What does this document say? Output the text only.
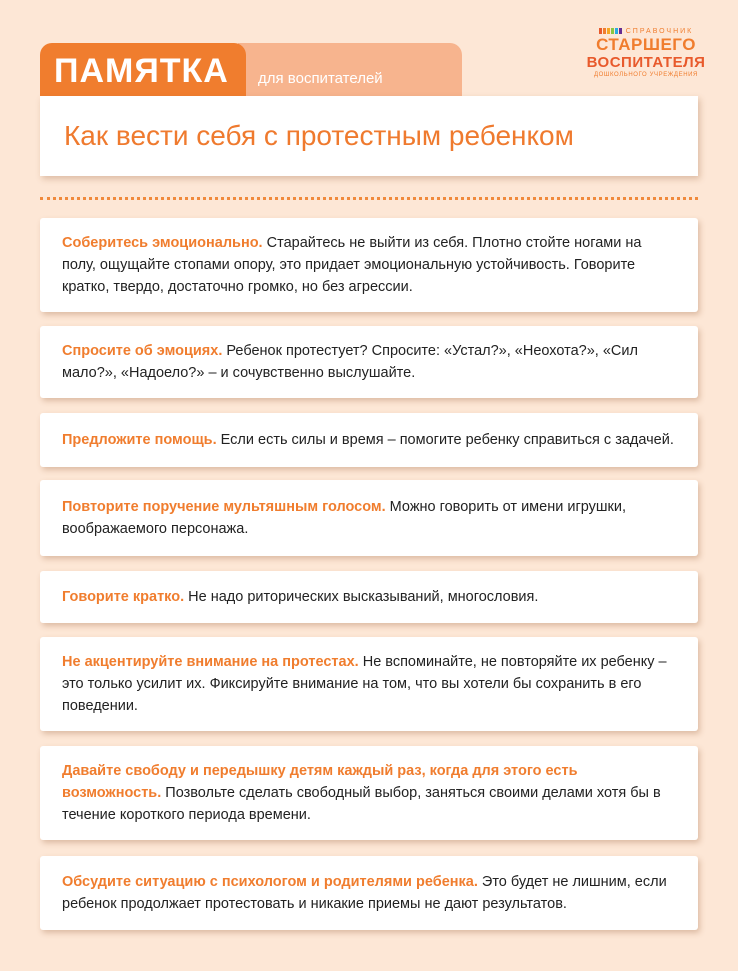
для воспитателей
ПАМЯТКА
Как вести себя с протестным ребенком
СПРАВОЧНИК
СТАРШЕГО
ВОСПИТАТЕЛЯ
ДОШКОЛЬНОГО УЧРЕЖДЕНИЯ

Соберитесь эмоционально. Старайтесь не выйти из себя. Плотно стойте ногами на полу, ощущайте стопами опору, это придает эмоциональную устойчивость. Говорите кратко, твердо, достаточно громко, но без агрессии.

Спросите об эмоциях. Ребенок протестует? Спросите: «Устал?», «Неохота?», «Сил мало?», «Надоело?» – и сочувственно выслушайте.

Предложите помощь. Если есть силы и время – помогите ребенку справиться с задачей.

Повторите поручение мультяшным голосом. Можно говорить от имени игрушки, воображаемого персонажа.

Говорите кратко. Не надо риторических высказываний, многословия.

Не акцентируйте внимание на протестах. Не вспоминайте, не повторяйте их ребенку – это только усилит их. Фиксируйте внимание на том, что вы хотели бы сохранить в его поведении.

Давайте свободу и передышку детям каждый раз, когда для этого есть возможность. Позвольте сделать свободный выбор, заняться своими делами хотя бы в течение короткого периода времени.

Обсудите ситуацию с психологом и родителями ребенка. Это будет не лишним, если ребенок продолжает протестовать и никакие приемы не дают результатов.
